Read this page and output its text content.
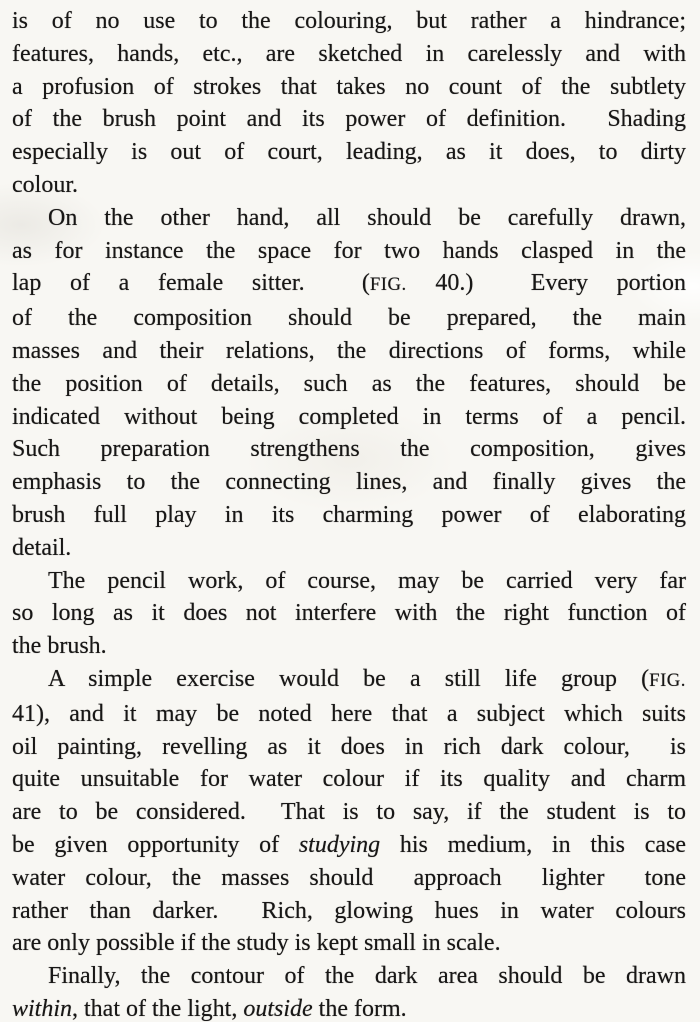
is of no use to the colouring, but rather a hindrance;
features, hands, etc., are sketched in carelessly and with
a profusion of strokes that takes no count of the subtlety
of the brush point and its power of definition.  Shading
especially is out of court, leading, as it does, to dirty
colour.

On the other hand, all should be carefully drawn,
as for instance the space for two hands clasped in the
lap of a female sitter.  (FIG. 40.)  Every portion
of the composition should be prepared, the main
masses and their relations, the directions of forms, while
the position of details, such as the features, should be
indicated without being completed in terms of a pencil.
Such preparation strengthens the composition, gives
emphasis to the connecting lines, and finally gives the
brush full play in its charming power of elaborating
detail.

The pencil work, of course, may be carried very far
so long as it does not interfere with the right function of
the brush.

A simple exercise would be a still life group (FIG.
41), and it may be noted here that a subject which suits
oil painting, revelling as it does in rich dark colour,  is
quite unsuitable for water colour if its quality and charm
are to be considered.  That is to say, if the student is to
be given opportunity of studying his medium, in this case
water colour, the masses should  approach  lighter  tone
rather than darker.  Rich, glowing hues in water colours
are only possible if the study is kept small in scale.

Finally, the contour of the dark area should be drawn
within, that of the light, outside the form.
